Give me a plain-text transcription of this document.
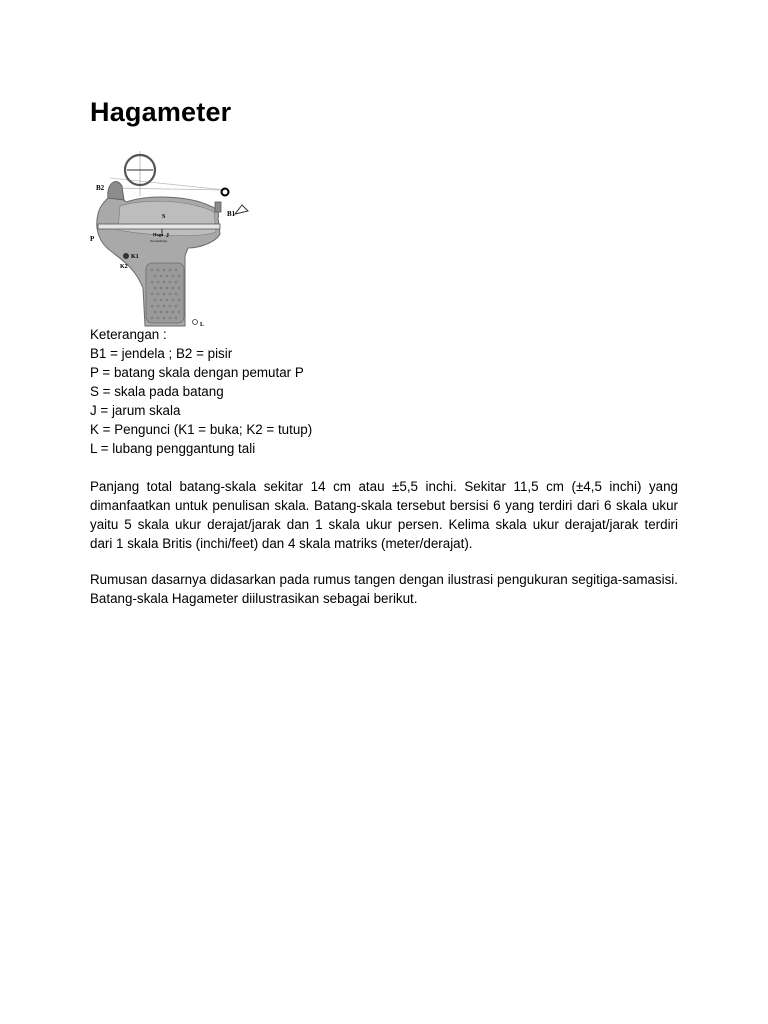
Hagameter
B2
B1
S
Haga
W-Germany
J
P
K1
K2
L
Keterangan :
B1 = jendela ; B2 = pisir
P = batang skala dengan pemutar P
S = skala pada batang
J = jarum skala
K = Pengunci (K1 = buka; K2 = tutup)
L = lubang penggantung tali

Panjang total batang-skala sekitar 14 cm atau ±5,5 inchi. Sekitar 11,5 cm (±4,5 inchi) yang
dimanfaatkan untuk penulisan skala. Batang-skala tersebut bersisi 6 yang terdiri dari 6 skala ukur
yaitu 5 skala ukur derajat/jarak dan 1 skala ukur persen. Kelima skala ukur derajat/jarak terdiri
dari 1 skala Britis (inchi/feet) dan 4 skala matriks (meter/derajat).

Rumusan dasarnya didasarkan pada rumus tangen dengan ilustrasi pengukuran segitiga-samasisi.
Batang-skala Hagameter diilustrasikan sebagai berikut.
